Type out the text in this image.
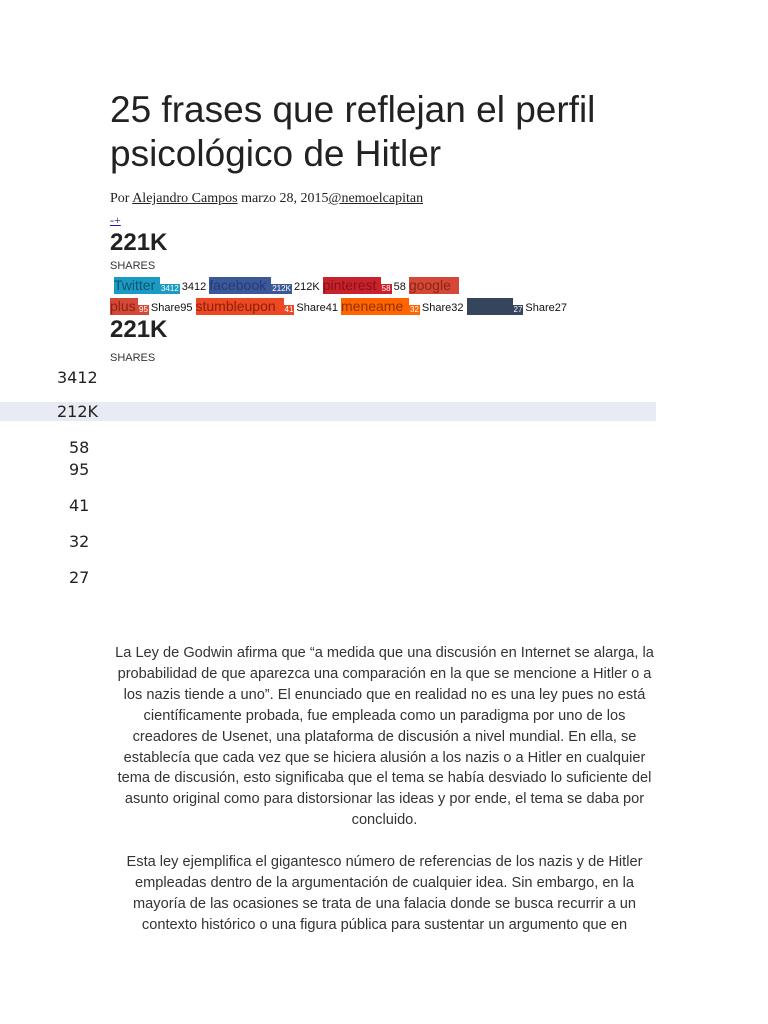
25 frases que reflejan el perfil psicológico de Hitler
Por Alejandro Campos marzo 28, 2015@nemoelcapitan
-+
221K
SHARES
Twitter 3412 3412 facebook 212K 212K pinterest 58 58 google
plus 95 Share95 stumbleupon 41 Share41 meneame 32 Share32	27 Share27
221K
SHARES
3412
212K
58
95
41
32
27

La Ley de Godwin afirma que “a medida que una discusión en Internet se alarga, la probabilidad de que aparezca una comparación en la que se mencione a Hitler o a los nazis tiende a uno”. El enunciado que en realidad no es una ley pues no está científicamente probada, fue empleada como un paradigma por uno de los creadores de Usenet, una plataforma de discusión a nivel mundial. En ella, se establecía que cada vez que se hiciera alusión a los nazis o a Hitler en cualquier tema de discusión, esto significaba que el tema se había desviado lo suficiente del asunto original como para distorsionar las ideas y por ende, el tema se daba por concluido.

Esta ley ejemplifica el gigantesco número de referencias de los nazis y de Hitler empleadas dentro de la argumentación de cualquier idea. Sin embargo, en la mayoría de las ocasiones se trata de una falacia donde se busca recurrir a un contexto histórico o una figura pública para sustentar un argumento que en
